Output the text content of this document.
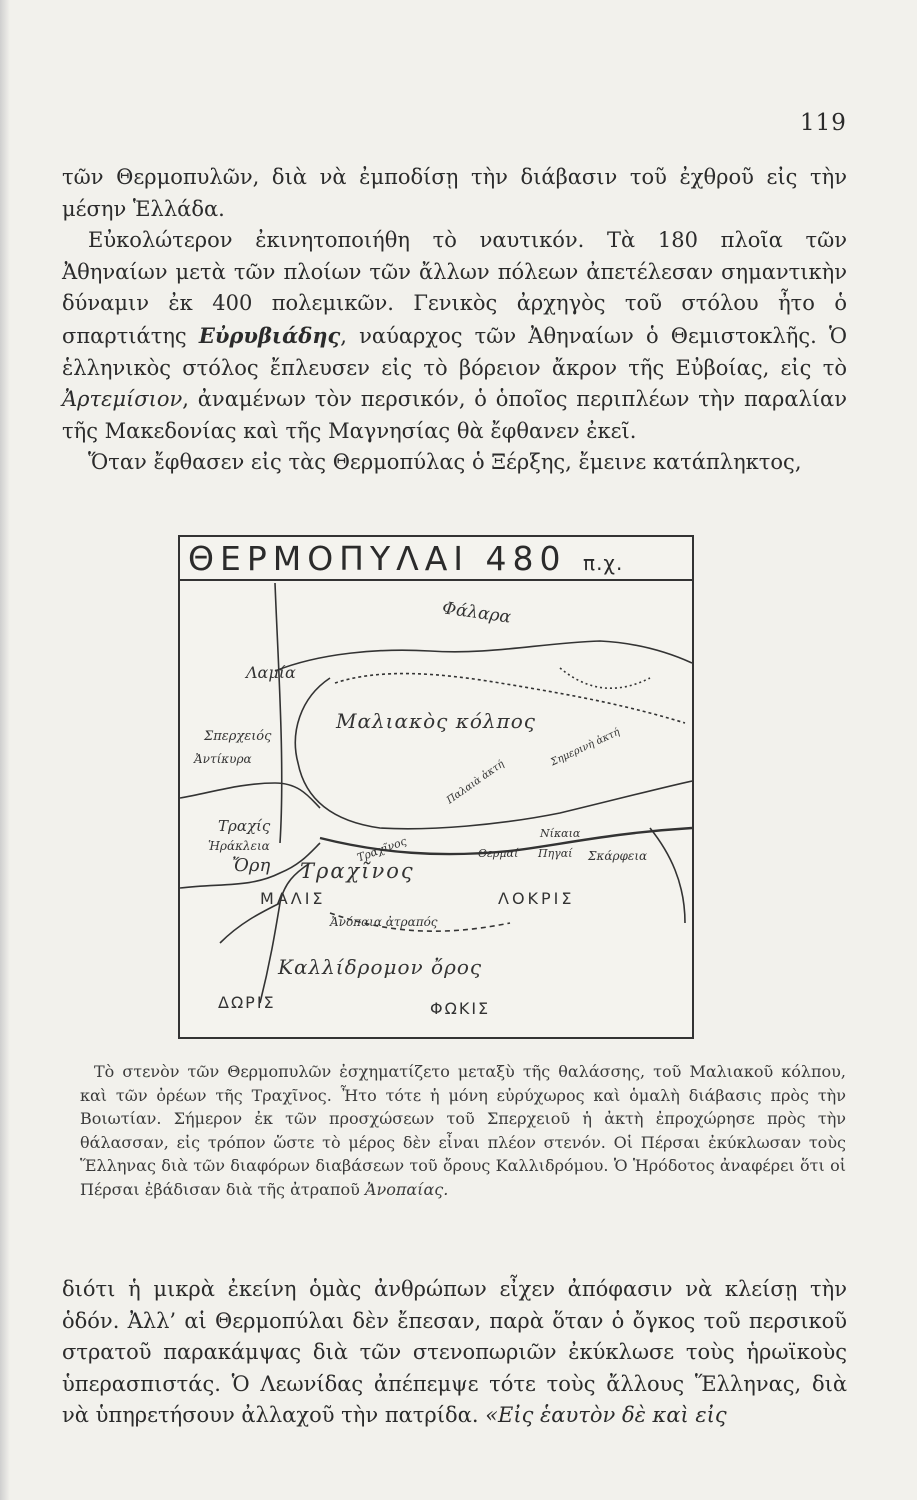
119

τῶν Θερμοπυλῶν, διὰ νὰ ἐμποδίσῃ τὴν διάβασιν τοῦ ἐχθροῦ εἰς τὴν μέσην Ἑλλάδα.

Εὐκολώτερον ἐκινητοποιήθη τὸ ναυτικόν. Τὰ 180 πλοῖα τῶν Ἀθηναίων μετὰ τῶν πλοίων τῶν ἄλλων πόλεων ἀπετέλεσαν σημαντικὴν δύναμιν ἐκ 400 πολεμικῶν. Γενικὸς ἀρχηγὸς τοῦ στόλου ἦτο ὁ σπαρτιάτης Εὐρυβιάδης, ναύαρχος τῶν Ἀθηναίων ὁ Θεμιστοκλῆς. Ὁ ἑλληνικὸς στόλος ἔπλευσεν εἰς τὸ βόρειον ἄκρον τῆς Εὐβοίας, εἰς τὸ Ἀρτεμίσιον, ἀναμένων τὸν περσικόν, ὁ ὁποῖος περιπλέων τὴν παραλίαν τῆς Μακεδονίας καὶ τῆς Μαγνησίας θὰ ἔφθανεν ἐκεῖ.

Ὅταν ἔφθασεν εἰς τὰς Θερμοπύλας ὁ Ξέρξης, ἔμεινε κατάπληκτος,

ΘΕΡΜΟΠΥΛΑΙ 480 π.χ.
Φάλαρα
Λαμία
Μαλιακὸς κόλπος
Σπερχειός
Ἀντίκυρα	Παλαιὰ ἀκτή
Σημερινὴ ἀκτή
Τραχίς
Ἡράκλεια
Ὄρη
Τραχῖνος
Τραχῖνος
ΜΑΛΙΣ	ΛΟΚΡΙΣ
Νίκαια
Θερμαί Πηγαί Σκάρφεια
Ἀνόπαια ἀτραπός
Καλλίδρομον ὄρος
ΔΩΡΙΣ	ΦΩΚΙΣ

Τὸ στενὸν τῶν Θερμοπυλῶν ἐσχηματίζετο μεταξὺ τῆς θαλάσσης, τοῦ Μαλιακοῦ κόλπου, καὶ τῶν ὀρέων τῆς Τραχῖνος. Ἦτο τότε ἡ μόνη εὐρύχωρος καὶ ὁμαλὴ διάβασις πρὸς τὴν Βοιωτίαν. Σήμερον ἐκ τῶν προσχώσεων τοῦ Σπερχειοῦ ἡ ἀκτὴ ἐπροχώρησε πρὸς τὴν θάλασσαν, εἰς τρόπον ὥστε τὸ μέρος δὲν εἶναι πλέον στενόν. Οἱ Πέρσαι ἐκύκλωσαν τοὺς Ἕλληνας διὰ τῶν διαφόρων διαβάσεων τοῦ ὄρους Καλλιδρόμου. Ὁ Ἡρόδοτος ἀναφέρει ὅτι οἱ Πέρσαι ἐβάδισαν διὰ τῆς ἀτραποῦ Ἀνοπαίας.

διότι ἡ μικρὰ ἐκείνη ὁμὰς ἀνθρώπων εἶχεν ἀπόφασιν νὰ κλείσῃ τὴν ὁδόν. Ἀλλ’ αἱ Θερμοπύλαι δὲν ἔπεσαν, παρὰ ὅταν ὁ ὄγκος τοῦ περσικοῦ στρατοῦ παρακάμψας διὰ τῶν στενοπωριῶν ἐκύκλωσε τοὺς ἡρωϊκοὺς ὑπερασπιστάς. Ὁ Λεωνίδας ἀπέπεμψε τότε τοὺς ἄλλους Ἕλληνας, διὰ νὰ ὑπηρετήσουν ἀλλαχοῦ τὴν πατρίδα. «Εἰς ἑαυτὸν δὲ καὶ εἰς
